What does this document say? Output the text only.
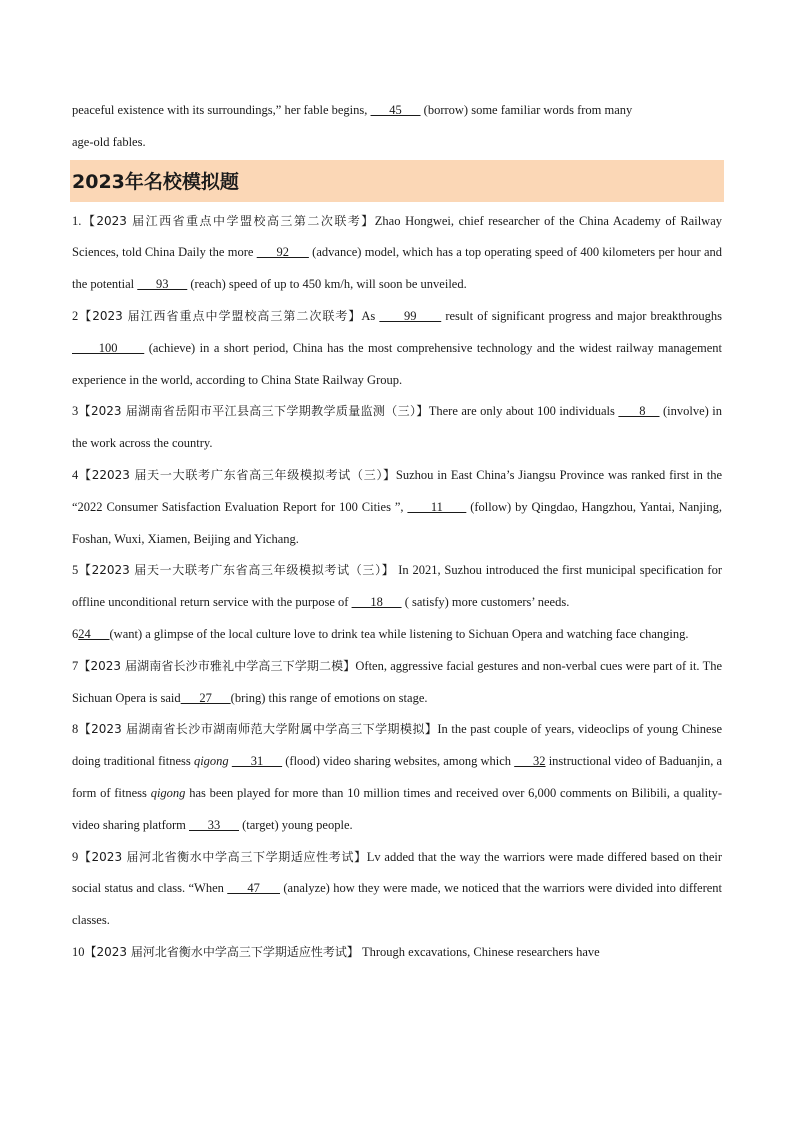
peaceful existence with its surroundings,” her fable begins,       45       (borrow) some familiar words from many
age-old fables.

2023年名校模拟题

1.【2023 届江西省重点中学盟校高三第二次联考】Zhao Hongwei, chief researcher of the China Academy of Railway Sciences, told China Daily the more       92       (advance) model, which has a top operating speed of 400 kilometers per hour and the potential       93       (reach) speed of up to 450 km/h, will soon be unveiled.

2【2023 届江西省重点中学盟校高三第二次联考】As       99       result of significant progress and major breakthroughs       100       (achieve) in a short period, China has the most comprehensive technology and the widest railway management experience in the world, according to China State Railway Group.

3【2023 届湖南省岳阳市平江县高三下学期教学质量监测（三）】There are only about 100 individuals       8     (involve) in the work across the country.

4【22023 届天一大联考广东省高三年级模拟考试（三）】Suzhou in East China’s Jiangsu Province was ranked first in the “2022 Consumer Satisfaction Evaluation Report for 100 Cities ”,       11       (follow) by Qingdao, Hangzhou, Yantai, Nanjing, Foshan, Wuxi, Xiamen, Beijing and Yichang.

5【22023 届天一大联考广东省高三年级模拟考试（三）】 In 2021, Suzhou introduced the first municipal specification for offline unconditional return service with the purpose of       18       ( satisfy) more customers’ needs.

624      (want) a glimpse of the local culture love to drink tea while listening to Sichuan Opera and watching face changing.

7【2023 届湖南省长沙市雅礼中学高三下学期二模】Often, aggressive facial gestures and non-verbal cues were part of it. The Sichuan Opera is said      27      (bring) this range of emotions on stage.

8【2023 届湖南省长沙市湖南师范大学附属中学高三下学期模拟】In the past couple of years, videoclips of young Chinese doing traditional fitness qigong       31       (flood) video sharing websites, among which       32 instructional video of Baduanjin, a form of fitness qigong has been played for more than 10 million times and received over 6,000 comments on Bilibili, a quality-video sharing platform       33       (target) young people.

9【2023 届河北省衡水中学高三下学期适应性考试】Lv added that the way the warriors were made differed based on their social status and class. “When       47       (analyze) how they were made, we noticed that the warriors were divided into different classes.

10【2023 届河北省衡水中学高三下学期适应性考试】 Through excavations, Chinese researchers have
